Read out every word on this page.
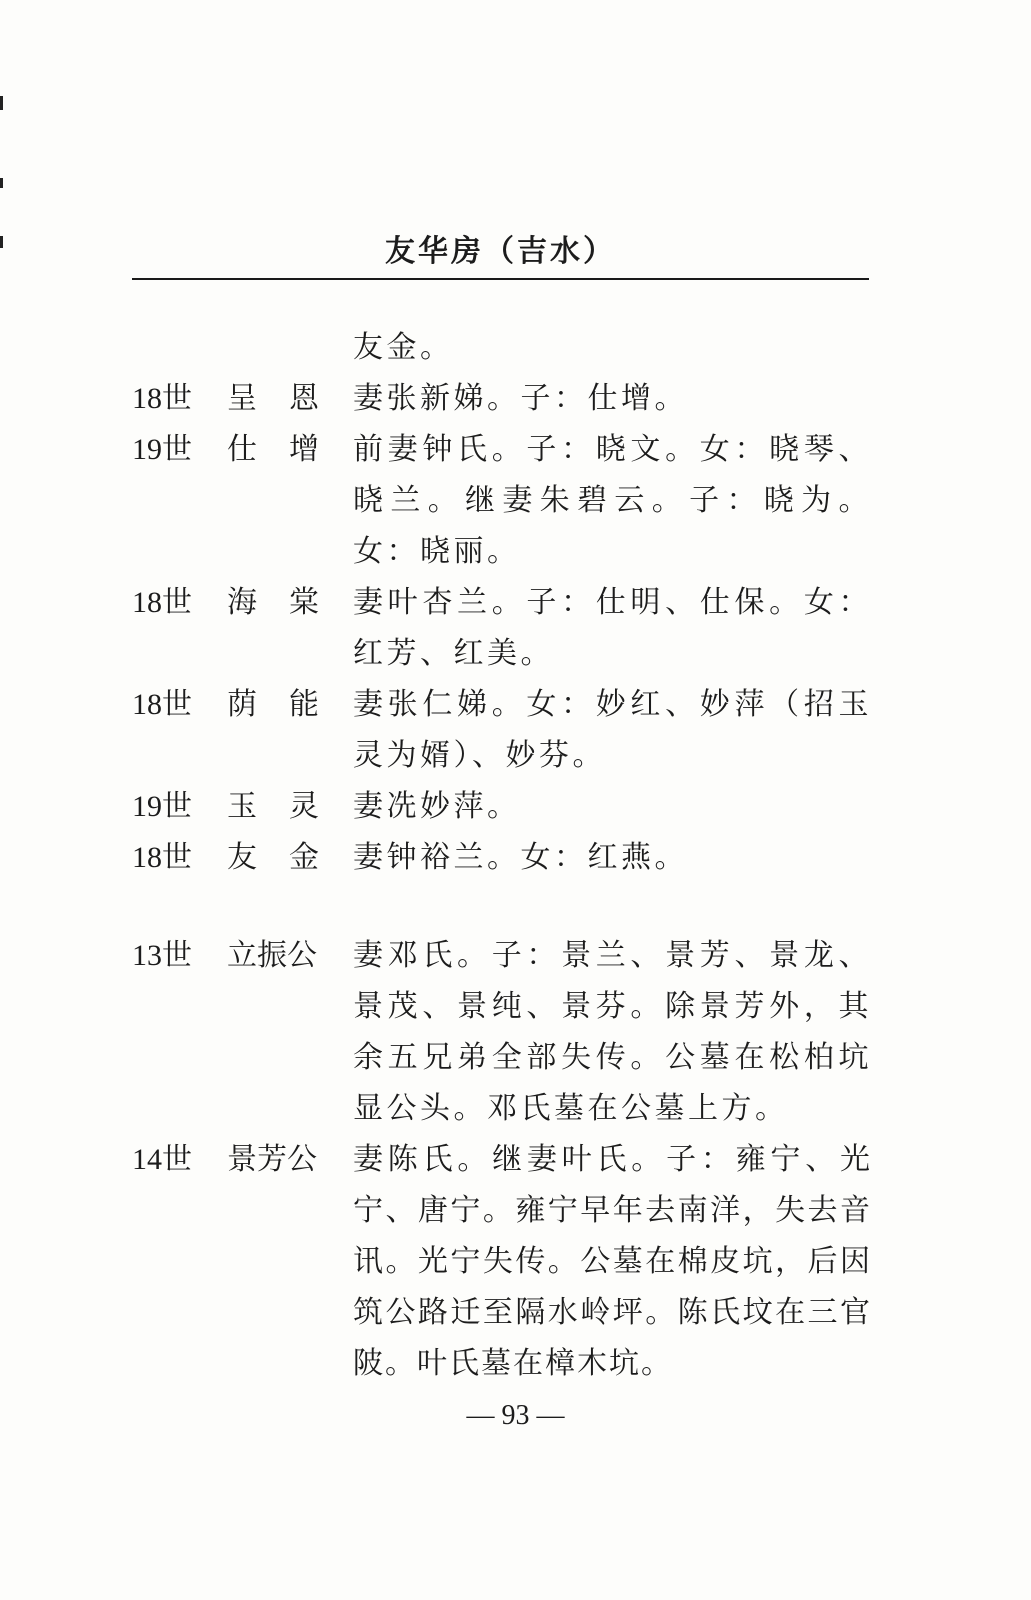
友华房（吉水）
友金。
18世	呈恩 妻张新娣。子：仕增。
19世	仕增 前妻钟氏。子：晓文。女：晓琴、晓兰。继妻朱碧云。子：晓为。女：晓丽。
18世	海棠 妻叶杏兰。子：仕明、仕保。女：红芳、红美。
18世	荫能 妻张仁娣。女：妙红、妙萍（招玉灵为婿）、妙芬。
19世	玉灵 妻冼妙萍。
18世	友金 妻钟裕兰。女：红燕。
13世	立振公	妻邓氏。子：景兰、景芳、景龙、景茂、景纯、景芬。除景芳外，其余五兄弟全部失传。公墓在松柏坑显公头。邓氏墓在公墓上方。
14世	景芳公	妻陈氏。继妻叶氏。子：雍宁、光宁、唐宁。雍宁早年去南洋，失去音讯。光宁失传。公墓在棉皮坑，后因筑公路迁至隔水岭坪。陈氏坟在三官陂。叶氏墓在樟木坑。
— 93 —
